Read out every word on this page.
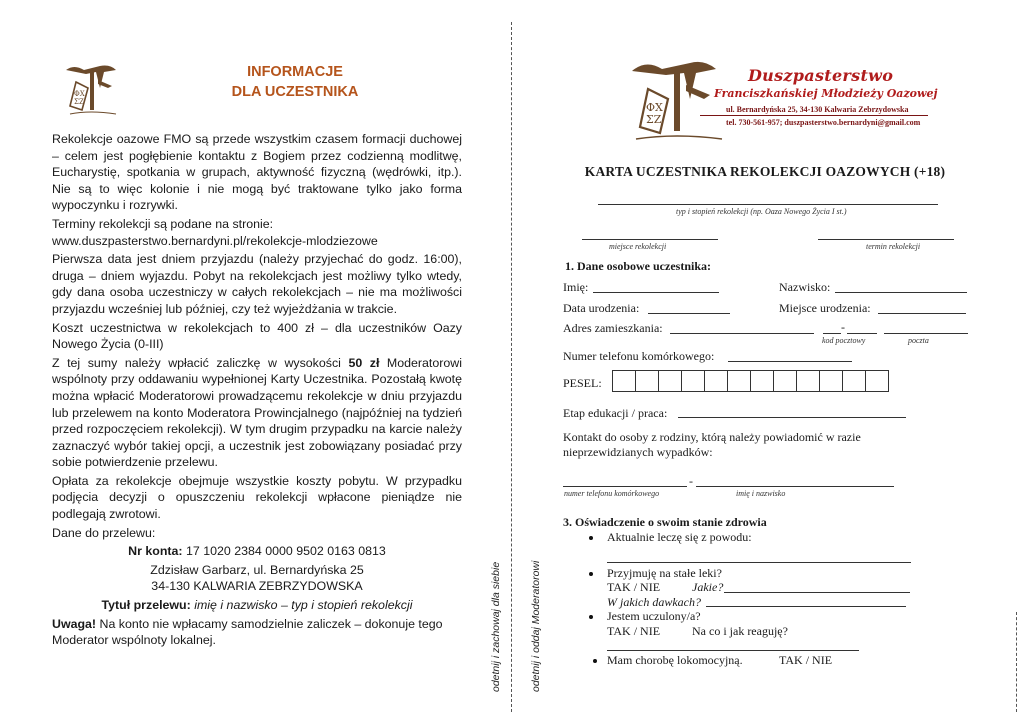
ΦΧ
ΣΖ
INFORMACJE
DLA UCZESTNIKA

Rekolekcje oazowe FMO są przede wszystkim czasem formacji duchowej – celem jest pogłębienie kontaktu z Bogiem przez codzienną modlitwę, Eucharystię, spotkania w grupach, aktywność fizyczną (wędrówki, itp.). Nie są to więc kolonie i nie mogą być traktowane tylko jako forma wypoczynku i rozrywki.

Terminy rekolekcji są podane na stronie:
www.duszpasterstwo.bernardyni.pl/rekolekcje-mlodziezowe

Pierwsza data jest dniem przyjazdu (należy przyjechać do godz. 16:00), druga – dniem wyjazdu. Pobyt na rekolekcjach jest możliwy tylko wtedy, gdy dana osoba uczestniczy w całych rekolekcjach – nie ma możliwości przyjazdu wcześniej lub później, czy też wyjeżdżania w trakcie.

Koszt uczestnictwa w rekolekcjach to 400 zł – dla uczestników Oazy Nowego Życia (0-III)

Z tej sumy należy wpłacić zaliczkę w wysokości 50 zł Moderatorowi wspólnoty przy oddawaniu wypełnionej Karty Uczestnika. Pozostałą kwotę można wpłacić Moderatorowi prowadzącemu rekolekcje w dniu przyjazdu lub przelewem na konto Moderatora Prowincjalnego (najpóźniej na tydzień przed rozpoczęciem rekolekcji). W tym drugim przypadku na karcie należy zaznaczyć wybór takiej opcji, a uczestnik jest zobowiązany posiadać przy sobie potwierdzenie przelewu.

Opłata za rekolekcje obejmuje wszystkie koszty pobytu. W przypadku podjęcia decyzji o opuszczeniu rekolekcji wpłacone pieniądze nie podlegają zwrotowi.

Dane do przelewu:

Nr konta: 17 1020 2384 0000 9502 0163 0813

Zdzisław Garbarz, ul. Bernardyńska 25

34-130 KALWARIA ZEBRZYDOWSKA

Tytuł przelewu: imię i nazwisko – typ i stopień rekolekcji

Uwaga! Na konto nie wpłacamy samodzielnie zaliczek – dokonuje tego Moderator wspólnoty lokalnej.	odetnij i zachowaj dla siebie	odetnij i oddaj Moderatorowi
ΦΧ
ΣΖ
Duszpasterstwo
Franciszkańskiej Młodzieży Oazowej
ul. Bernardyńska 25, 34-130 Kalwaria Zebrzydowska
tel. 730-561-957; duszpasterstwo.bernardyni@gmail.com
KARTA UCZESTNIKA REKOLEKCJI OAZOWYCH (+18)
typ i stopień rekolekcji (np. Oaza Nowego Życia I st.)
miejsce rekolekcji	termin rekolekcji
1. Dane osobowe uczestnika:
Imię:	Nazwisko:
Data urodzenia:	Miejsce urodzenia:
Adres zamieszkania:	-
kod pocztowy	poczta
Numer telefonu komórkowego:
PESEL:
Etap edukacji / praca:
Kontakt do osoby z rodziny, którą należy powiadomić w razie
nieprzewidzianych wypadków:
-
numer telefonu komórkowego	imię i nazwisko
3. Oświadczenie o swoim stanie zdrowia
Aktualnie leczę się z powodu:
Przyjmuję na stałe leki?
TAK / NIE	Jakie?
W jakich dawkach?
Jestem uczulony/a?
TAK / NIE	Na co i jak reaguję?
Mam chorobę lokomocyjną.	TAK / NIE
